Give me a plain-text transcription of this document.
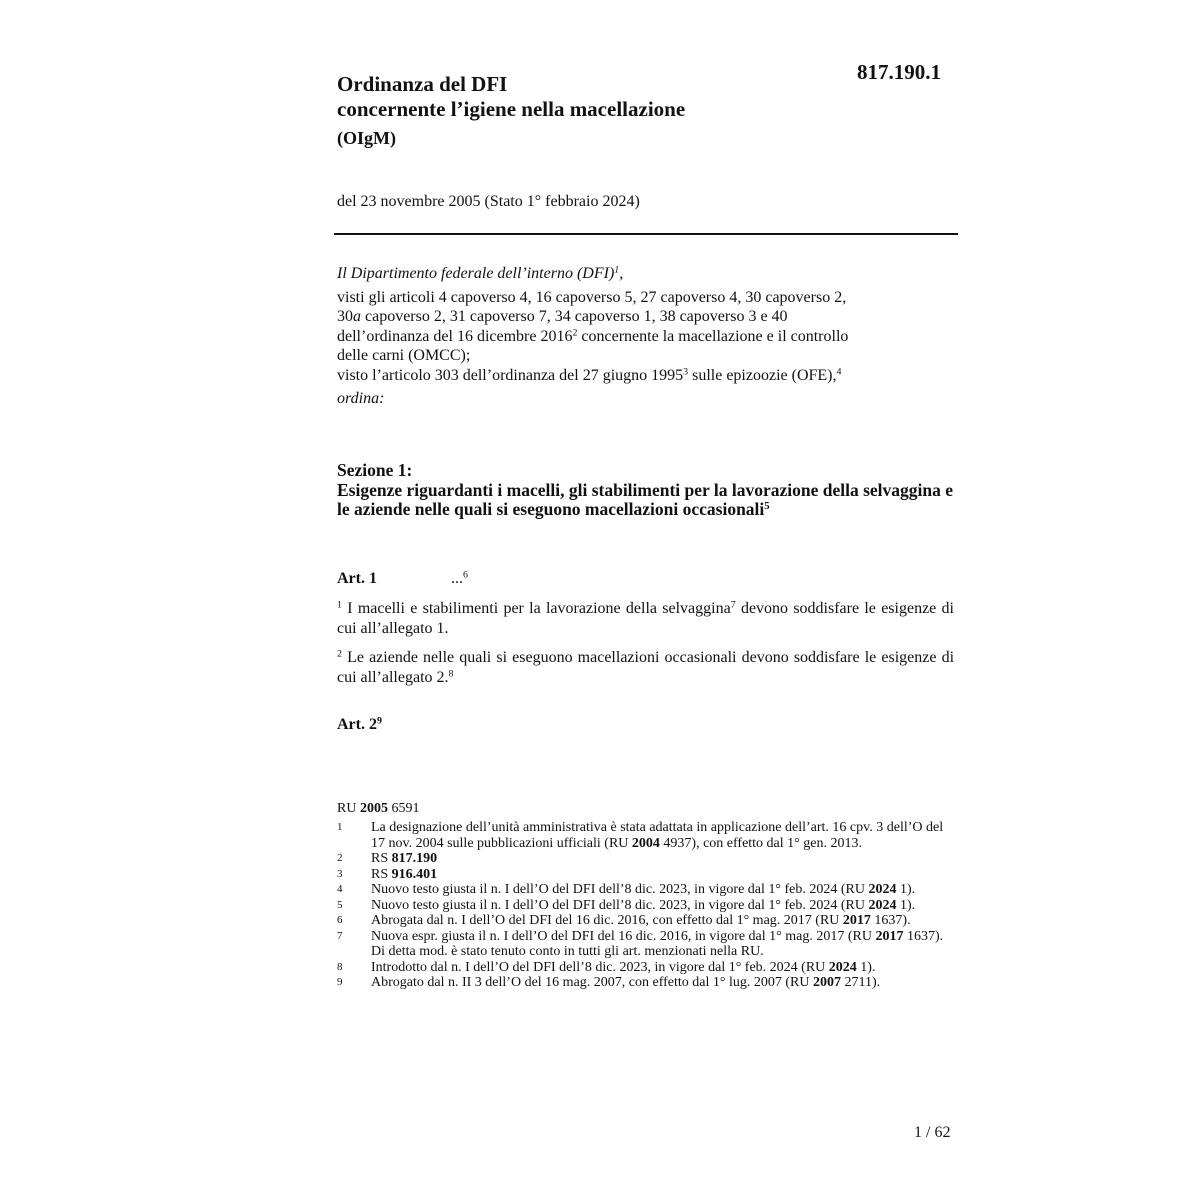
817.190.1
Ordinanza del DFI
concernente l’igiene nella macellazione
(OIgM)
del 23 novembre 2005 (Stato 1° febbraio 2024)
Il Dipartimento federale dell’interno (DFI)$^1$,
visti gli articoli 4 capoverso 4, 16 capoverso 5, 27 capoverso 4, 30 capoverso 2,
30a capoverso 2, 31 capoverso 7, 34 capoverso 1, 38 capoverso 3 e 40
dell’ordinanza del 16 dicembre 2016$^2$ concernente la macellazione e il controllo
delle carni (OMCC);
visto l’articolo 303 dell’ordinanza del 27 giugno 1995$^3$ sulle epizoozie (OFE),$^4$
ordina:
Sezione 1:
Esigenze riguardanti i macelli, gli stabilimenti per la lavorazione della selvaggina e le aziende nelle quali si eseguono macellazioni occasionali$^5$
Art. 1	...$^6$
$^1$ I macelli e stabilimenti per la lavorazione della selvaggina$^7$ devono soddisfare le esigenze di cui all’allegato 1.
$^2$ Le aziende nelle quali si eseguono macellazioni occasionali devono soddisfare le esigenze di cui all’allegato 2.$^8$
Art. $2^9$
RU 2005 6591
1	La designazione dell’unità amministrativa è stata adattata in applicazione dell’art. 16 cpv. 3 dell’O del 17 nov. 2004 sulle pubblicazioni ufficiali (RU 2004 4937), con effetto dal 1° gen. 2013.
2	RS 817.190
3	RS 916.401
4	Nuovo testo giusta il n. I dell’O del DFI dell’8 dic. 2023, in vigore dal 1° feb. 2024 (RU 2024 1).
5	Nuovo testo giusta il n. I dell’O del DFI dell’8 dic. 2023, in vigore dal 1° feb. 2024 (RU 2024 1).
6	Abrogata dal n. I dell’O del DFI del 16 dic. 2016, con effetto dal 1° mag. 2017 (RU 2017 1637).
7	Nuova espr. giusta il n. I dell’O del DFI del 16 dic. 2016, in vigore dal 1° mag. 2017 (RU 2017 1637). Di detta mod. è stato tenuto conto in tutti gli art. menzionati nella RU.
8	Introdotto dal n. I dell’O del DFI dell’8 dic. 2023, in vigore dal 1° feb. 2024 (RU 2024 1).
9	Abrogato dal n. II 3 dell’O del 16 mag. 2007, con effetto dal 1° lug. 2007 (RU 2007 2711).
1 / 62
